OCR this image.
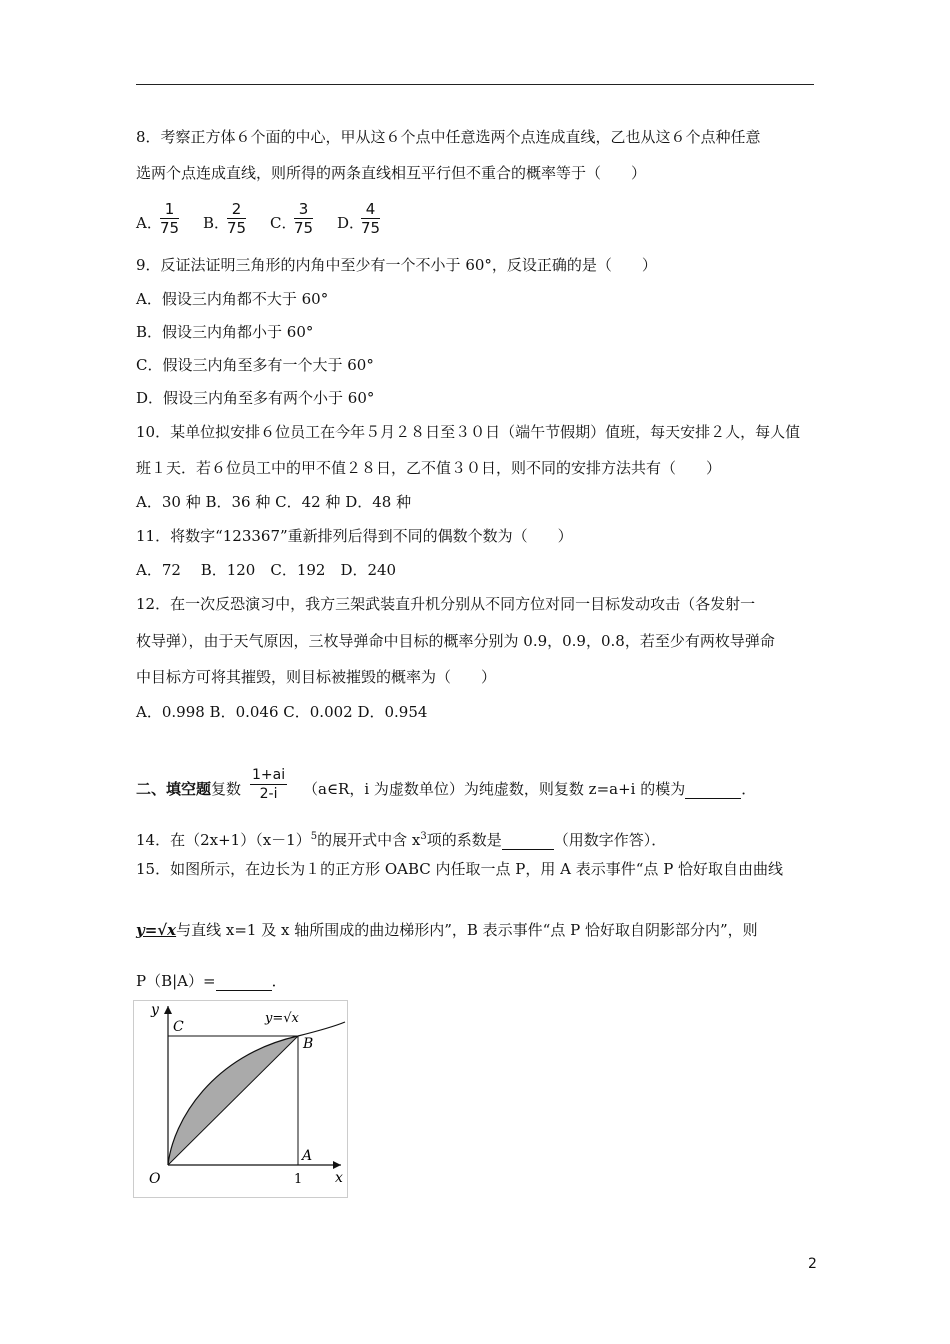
8．考察正方体６个面的中心，甲从这６个点中任意选两个点连成直线，乙也从这６个点种任意
选两个点连成直线，则所得的两条直线相互平行但不重合的概率等于（　　）
A．
$\frac{1}{75}$ B．
$\frac{2}{75}$ C．
$\frac{3}{75}$ D．
$\frac{4}{75}$
9．反证法证明三角形的内角中至少有一个不小于 60°，反设正确的是（　　）
A．假设三内角都不大于 60°
B．假设三内角都小于 60°
C．假设三内角至多有一个大于 60°
D．假设三内角至多有两个小于 60°
10．某单位拟安排６位员工在今年５月２８日至３０日（端午节假期）值班，每天安排２人，每人值
班１天．若６位员工中的甲不值２８日，乙不值３０日，则不同的安排方法共有（　　）
A．30 种 B．36 种 C．42 种 D．48 种
11．将数字“123367”重新排列后得到不同的偶数个数为（　　）
A．72　 B．120　C．192　D．240
12．在一次反恐演习中，我方三架武装直升机分别从不同方位对同一目标发动攻击（各发射一
枚导弹），由于天气原因，三枚导弹命中目标的概率分别为 0.9，0.9，0.8，若至少有两枚导弹命
中目标方可将其摧毁，则目标被摧毁的概率为（　　）
A．0.998 B．0.046 C．0.002 D．0.954
二、填空题复数 $\frac{1+ai}{2-i}$ （a∈R，i 为虚数单位）为纯虚数，则复数 z=a+i 的模为	．
14．在$(2x+1)(x-1)^5$的展开式中含 $x^3$项的系数是	（用数字作答）．
15．如图所示，在边长为１的正方形 OABC 内任取一点 P，用 A 表示事件“点 P 恰好取自由曲线
y=√x与直线 x=1 及 x 轴所围成的曲边梯形内”，B 表示事件“点 P 恰好取自阴影部分内”，则
P（B|A）=	．
y
x
O
C
B
A
1
y=√x
2
